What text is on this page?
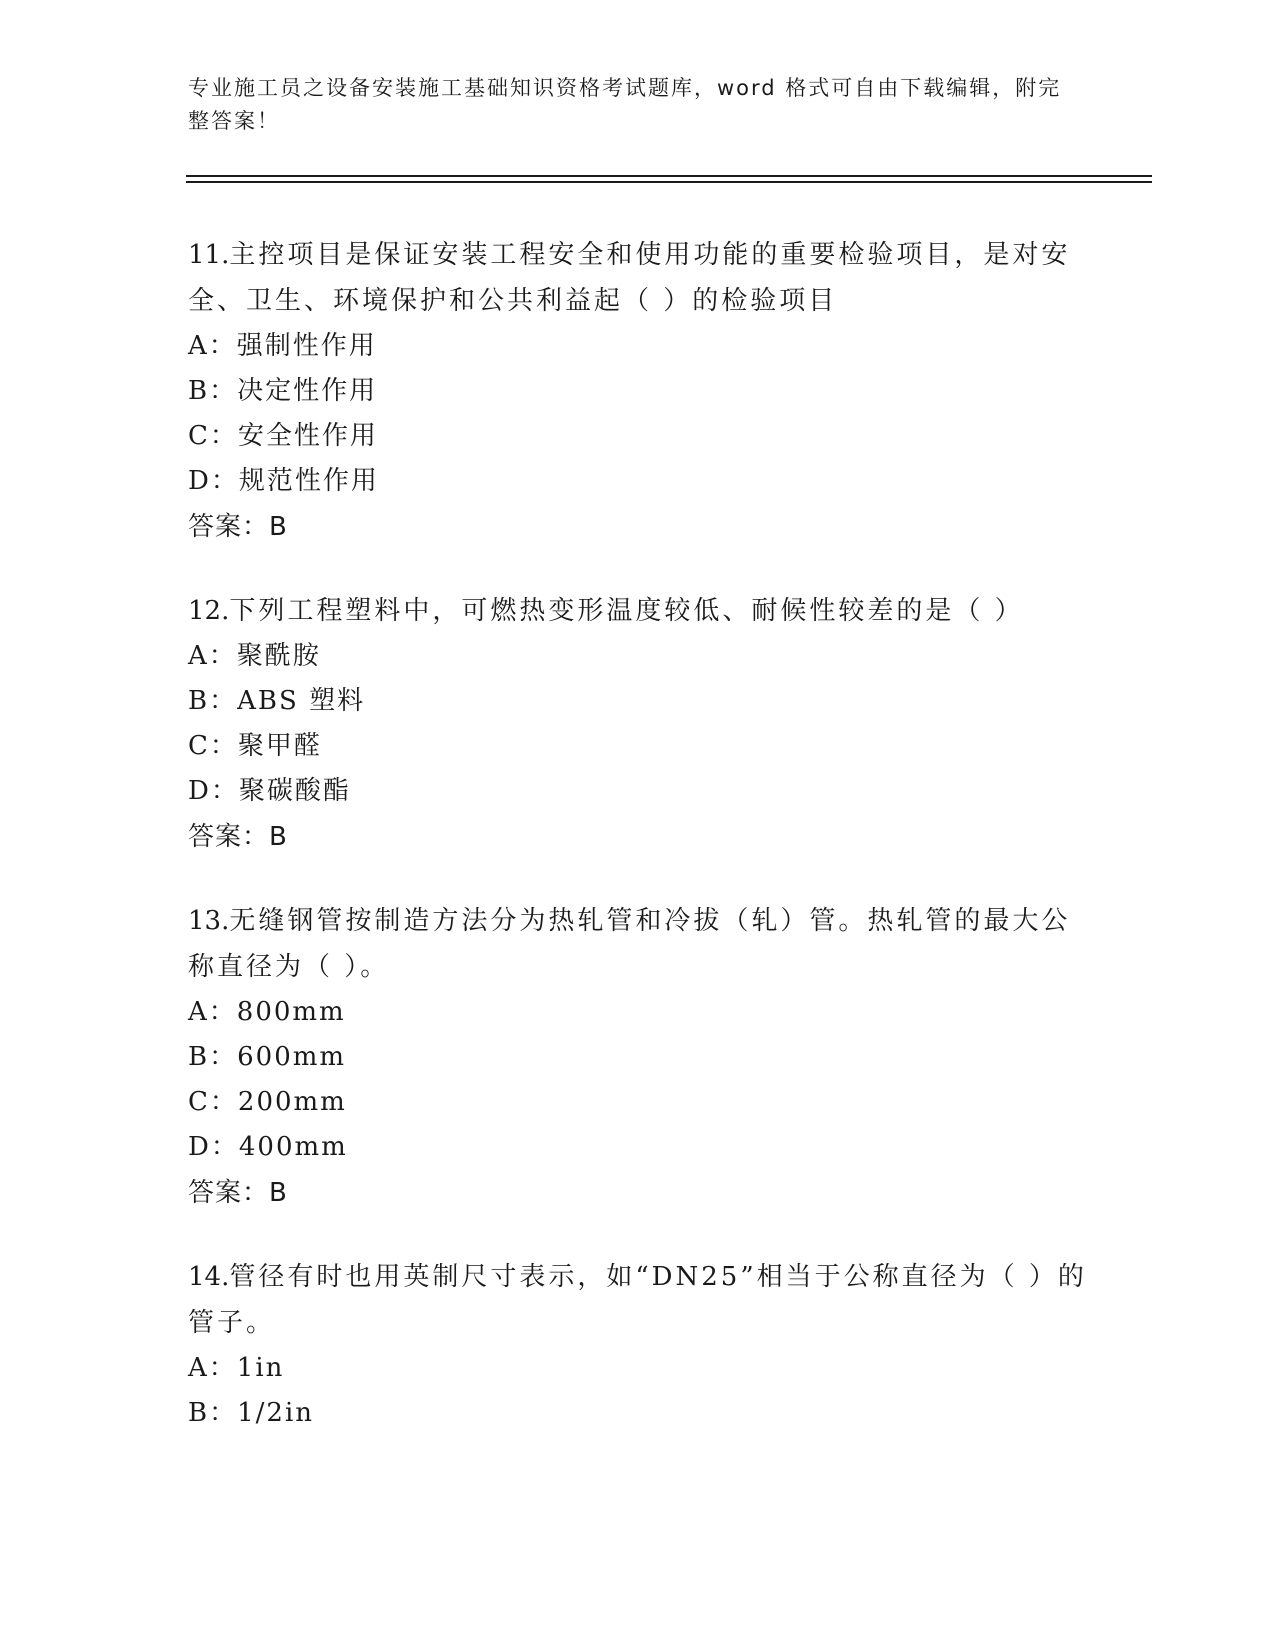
专业施工员之设备安装施工基础知识资格考试题库，word 格式可自由下载编辑，附完整答案！
11.主控项目是保证安装工程安全和使用功能的重要检验项目，是对安全、卫生、环境保护和公共利益起（ ）的检验项目
A：强制性作用
B：决定性作用
C：安全性作用
D：规范性作用
答案：B
12.下列工程塑料中，可燃热变形温度较低、耐候性较差的是（ ）
A：聚酰胺
B：ABS 塑料
C：聚甲醛
D：聚碳酸酯
答案：B
13.无缝钢管按制造方法分为热轧管和冷拔（轧）管。热轧管的最大公称直径为（ ）。
A：800mm
B：600mm
C：200mm
D：400mm
答案：B
14.管径有时也用英制尺寸表示，如“DN25”相当于公称直径为（ ）的管子。
A：1in
B：1/2in
